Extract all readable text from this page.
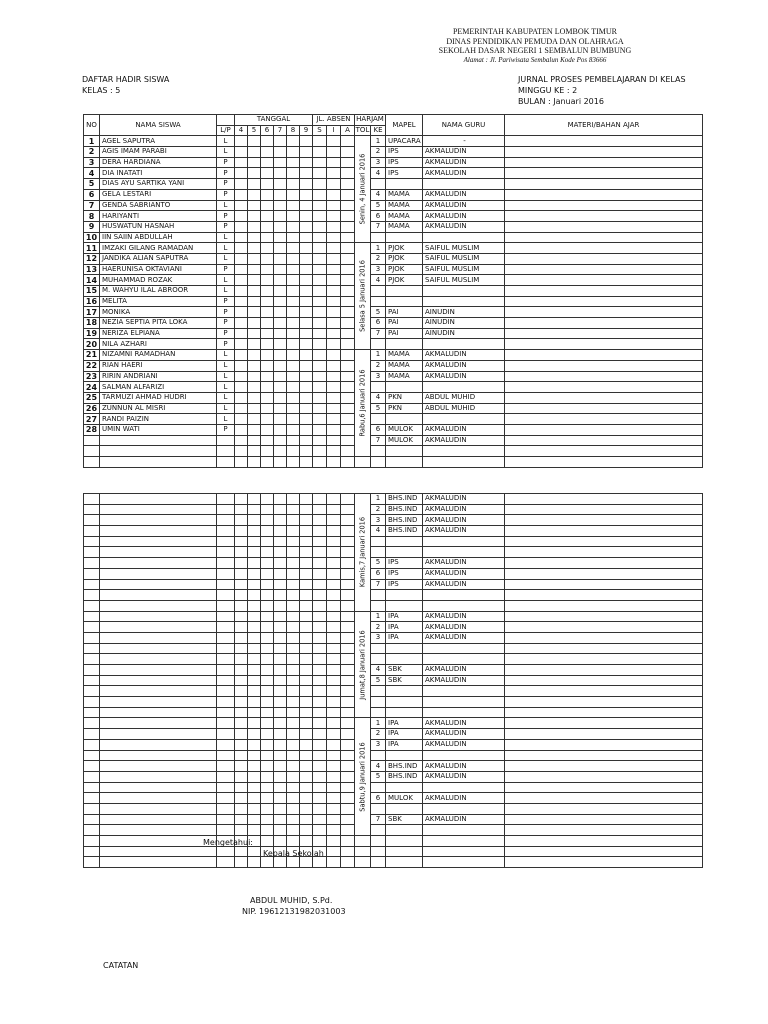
PEMERINTAH KABUPATEN LOMBOK TIMUR
DINAS PENDIDIKAN PEMUDA DAN OLAHRAGA
SEKOLAH DASAR NEGERI 1 SEMBALUN BUMBUNG
Alamat : Jl. Pariwisata Sembalun Kode Pos 83666
DAFTAR HADIR SISWA
KELAS : 5
JURNAL PROSES PEMBELAJARAN DI KELAS
MINGGU KE : 2
BULAN : Januari 2016
NO	NAMA SISWA		TANGGAL						JL. ABSEN			HARJAM		MAPEL	NAMA GURU	MATERI/BAHAN AJAR
		L/P	4	5	6	7	8	9	S	I	A	TOL	KE			
1	AGEL SAPUTRA	L										Senin, 4 Januari 2016	1	UPACARA	-	
2	AGIS IMAM PARABI	L											2	IPS	AKMALUDIN	
3	DERA HARDIANA	P											3	IPS	AKMALUDIN	
4	DIA INATATI	P											4	IPS	AKMALUDIN	
5	DIAS AYU SARTIKA YANI	P														
6	GELA LESTARI	P											4	MAMA	AKMALUDIN	
7	GENDA SABRIANTO	L											5	MAMA	AKMALUDIN	
8	HARIYANTI	P											6	MAMA	AKMALUDIN	
9	HUSWATUN HASNAH	P											7	MAMA	AKMALUDIN	
10	IIN SAIIN ABDULLAH	L														
11	IMZAKI GILANG RAMADAN	L										Selasa 5 Januari 2016	1	PJOK	SAIFUL MUSLIM	
12	JANDIKA ALIAN SAPUTRA	L											2	PJOK	SAIFUL MUSLIM	
13	HAERUNISA OKTAVIANI	P											3	PJOK	SAIFUL MUSLIM	
14	MUHAMMAD ROZAK	L											4	PJOK	SAIFUL MUSLIM	
15	M. WAHYU ILAL ABROOR	L														
16	MELITA	P														
17	MONIKA	P											5	PAI	AINUDIN	
18	NEZIA SEPTIA PITA LOKA	P											6	PAI	AINUDIN	
19	NERIZA ELPIANA	P											7	PAI	AINUDIN	
20	NILA AZHARI	P														
21	NIZAMNI RAMADHAN	L										Rabu,6 Januari 2016	1	MAMA	AKMALUDIN	
22	RIAN HAERI	L											2	MAMA	AKMALUDIN	
23	RIRIN ANDRIANI	L											3	MAMA	AKMALUDIN	
24	SALMAN ALFARIZI	L														
25	TARMUZI AHMAD HUDRI	L											4	PKN	ABDUL MUHID	
26	ZUNNUN AL MISRI	L											5	PKN	ABDUL MUHID	
27	RANDI PAIZIN	L														
28	UMIN WATI	P											6	MULOK	AKMALUDIN	
													7	MULOK	AKMALUDIN	

												Kamis,7 Januari 2016	1	BHS.IND	AKMALUDIN	
													2	BHS.IND	AKMALUDIN	
													3	BHS.IND	AKMALUDIN	
													4	BHS.IND	AKMALUDIN	

													5	IPS	AKMALUDIN	
													6	IPS	AKMALUDIN	
													7	IPS	AKMALUDIN	

												Jumat,8 Januari 2016	1	IPA	AKMALUDIN	
													2	IPA	AKMALUDIN	
													3	IPA	AKMALUDIN	

													4	SBK	AKMALUDIN	
													5	SBK	AKMALUDIN	

												Sabtu,9 Januari 2016	1	IPA	AKMALUDIN	
													2	IPA	AKMALUDIN	
													3	IPA	AKMALUDIN	

													4	BHS.IND	AKMALUDIN	
													5	BHS.IND	AKMALUDIN	

													6	MULOK	AKMALUDIN	

													7	SBK	AKMALUDIN	

Mengetahui:
Kepala Sekolah
ABDUL MUHID, S.Pd.
NIP. 19612131982031003
CATATAN
